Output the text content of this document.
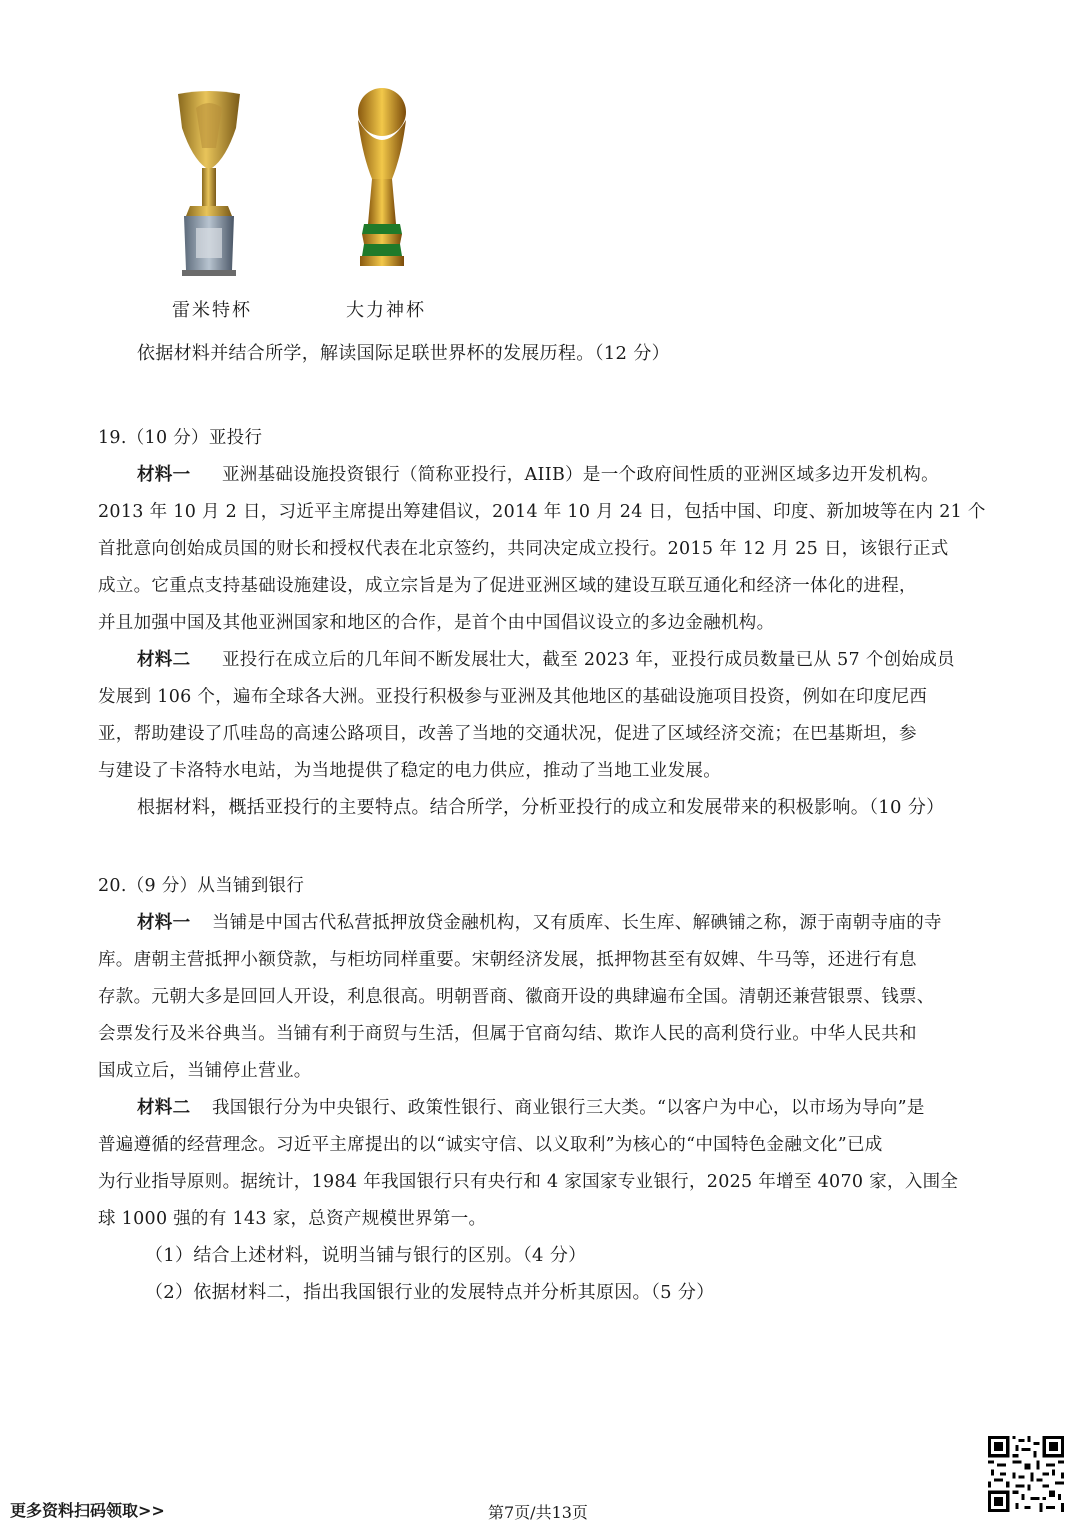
雷米特杯	大力神杯
依据材料并结合所学，解读国际足联世界杯的发展历程。（12 分）
19.（10 分）亚投行
材料一 亚洲基础设施投资银行（简称亚投行，AIIB）是一个政府间性质的亚洲区域多边开发机构。
2013 年 10 月 2 日，习近平主席提出筹建倡议，2014 年 10 月 24 日，包括中国、印度、新加坡等在内 21 个
首批意向创始成员国的财长和授权代表在北京签约，共同决定成立投行。2015 年 12 月 25 日，该银行正式
成立。它重点支持基础设施建设，成立宗旨是为了促进亚洲区域的建设互联互通化和经济一体化的进程，
并且加强中国及其他亚洲国家和地区的合作，是首个由中国倡议设立的多边金融机构。
材料二 亚投行在成立后的几年间不断发展壮大，截至 2023 年，亚投行成员数量已从 57 个创始成员
发展到 106 个，遍布全球各大洲。亚投行积极参与亚洲及其他地区的基础设施项目投资，例如在印度尼西
亚，帮助建设了爪哇岛的高速公路项目，改善了当地的交通状况，促进了区域经济交流；在巴基斯坦，参
与建设了卡洛特水电站，为当地提供了稳定的电力供应，推动了当地工业发展。
根据材料，概括亚投行的主要特点。结合所学，分析亚投行的成立和发展带来的积极影响。（10 分）
20.（9 分）从当铺到银行
材料一 当铺是中国古代私营抵押放贷金融机构，又有质库、长生库、解碘铺之称，源于南朝寺庙的寺
库。唐朝主营抵押小额贷款，与柜坊同样重要。宋朝经济发展，抵押物甚至有奴婢、牛马等，还进行有息
存款。元朝大多是回回人开设，利息很高。明朝晋商、徽商开设的典肆遍布全国。清朝还兼营银票、钱票、
会票发行及米谷典当。当铺有利于商贸与生活，但属于官商勾结、欺诈人民的高利贷行业。中华人民共和
国成立后，当铺停止营业。
材料二 我国银行分为中央银行、政策性银行、商业银行三大类。“以客户为中心，以市场为导向”是
普遍遵循的经营理念。习近平主席提出的以“诚实守信、以义取利”为核心的“中国特色金融文化”已成
为行业指导原则。据统计，1984 年我国银行只有央行和 4 家国家专业银行，2025 年增至 4070 家，入围全
球 1000 强的有 143 家，总资产规模世界第一。
（1）结合上述材料，说明当铺与银行的区别。（4 分）
（2）依据材料二，指出我国银行业的发展特点并分析其原因。（5 分）
更多资料扫码领取>>	第7页/共13页
